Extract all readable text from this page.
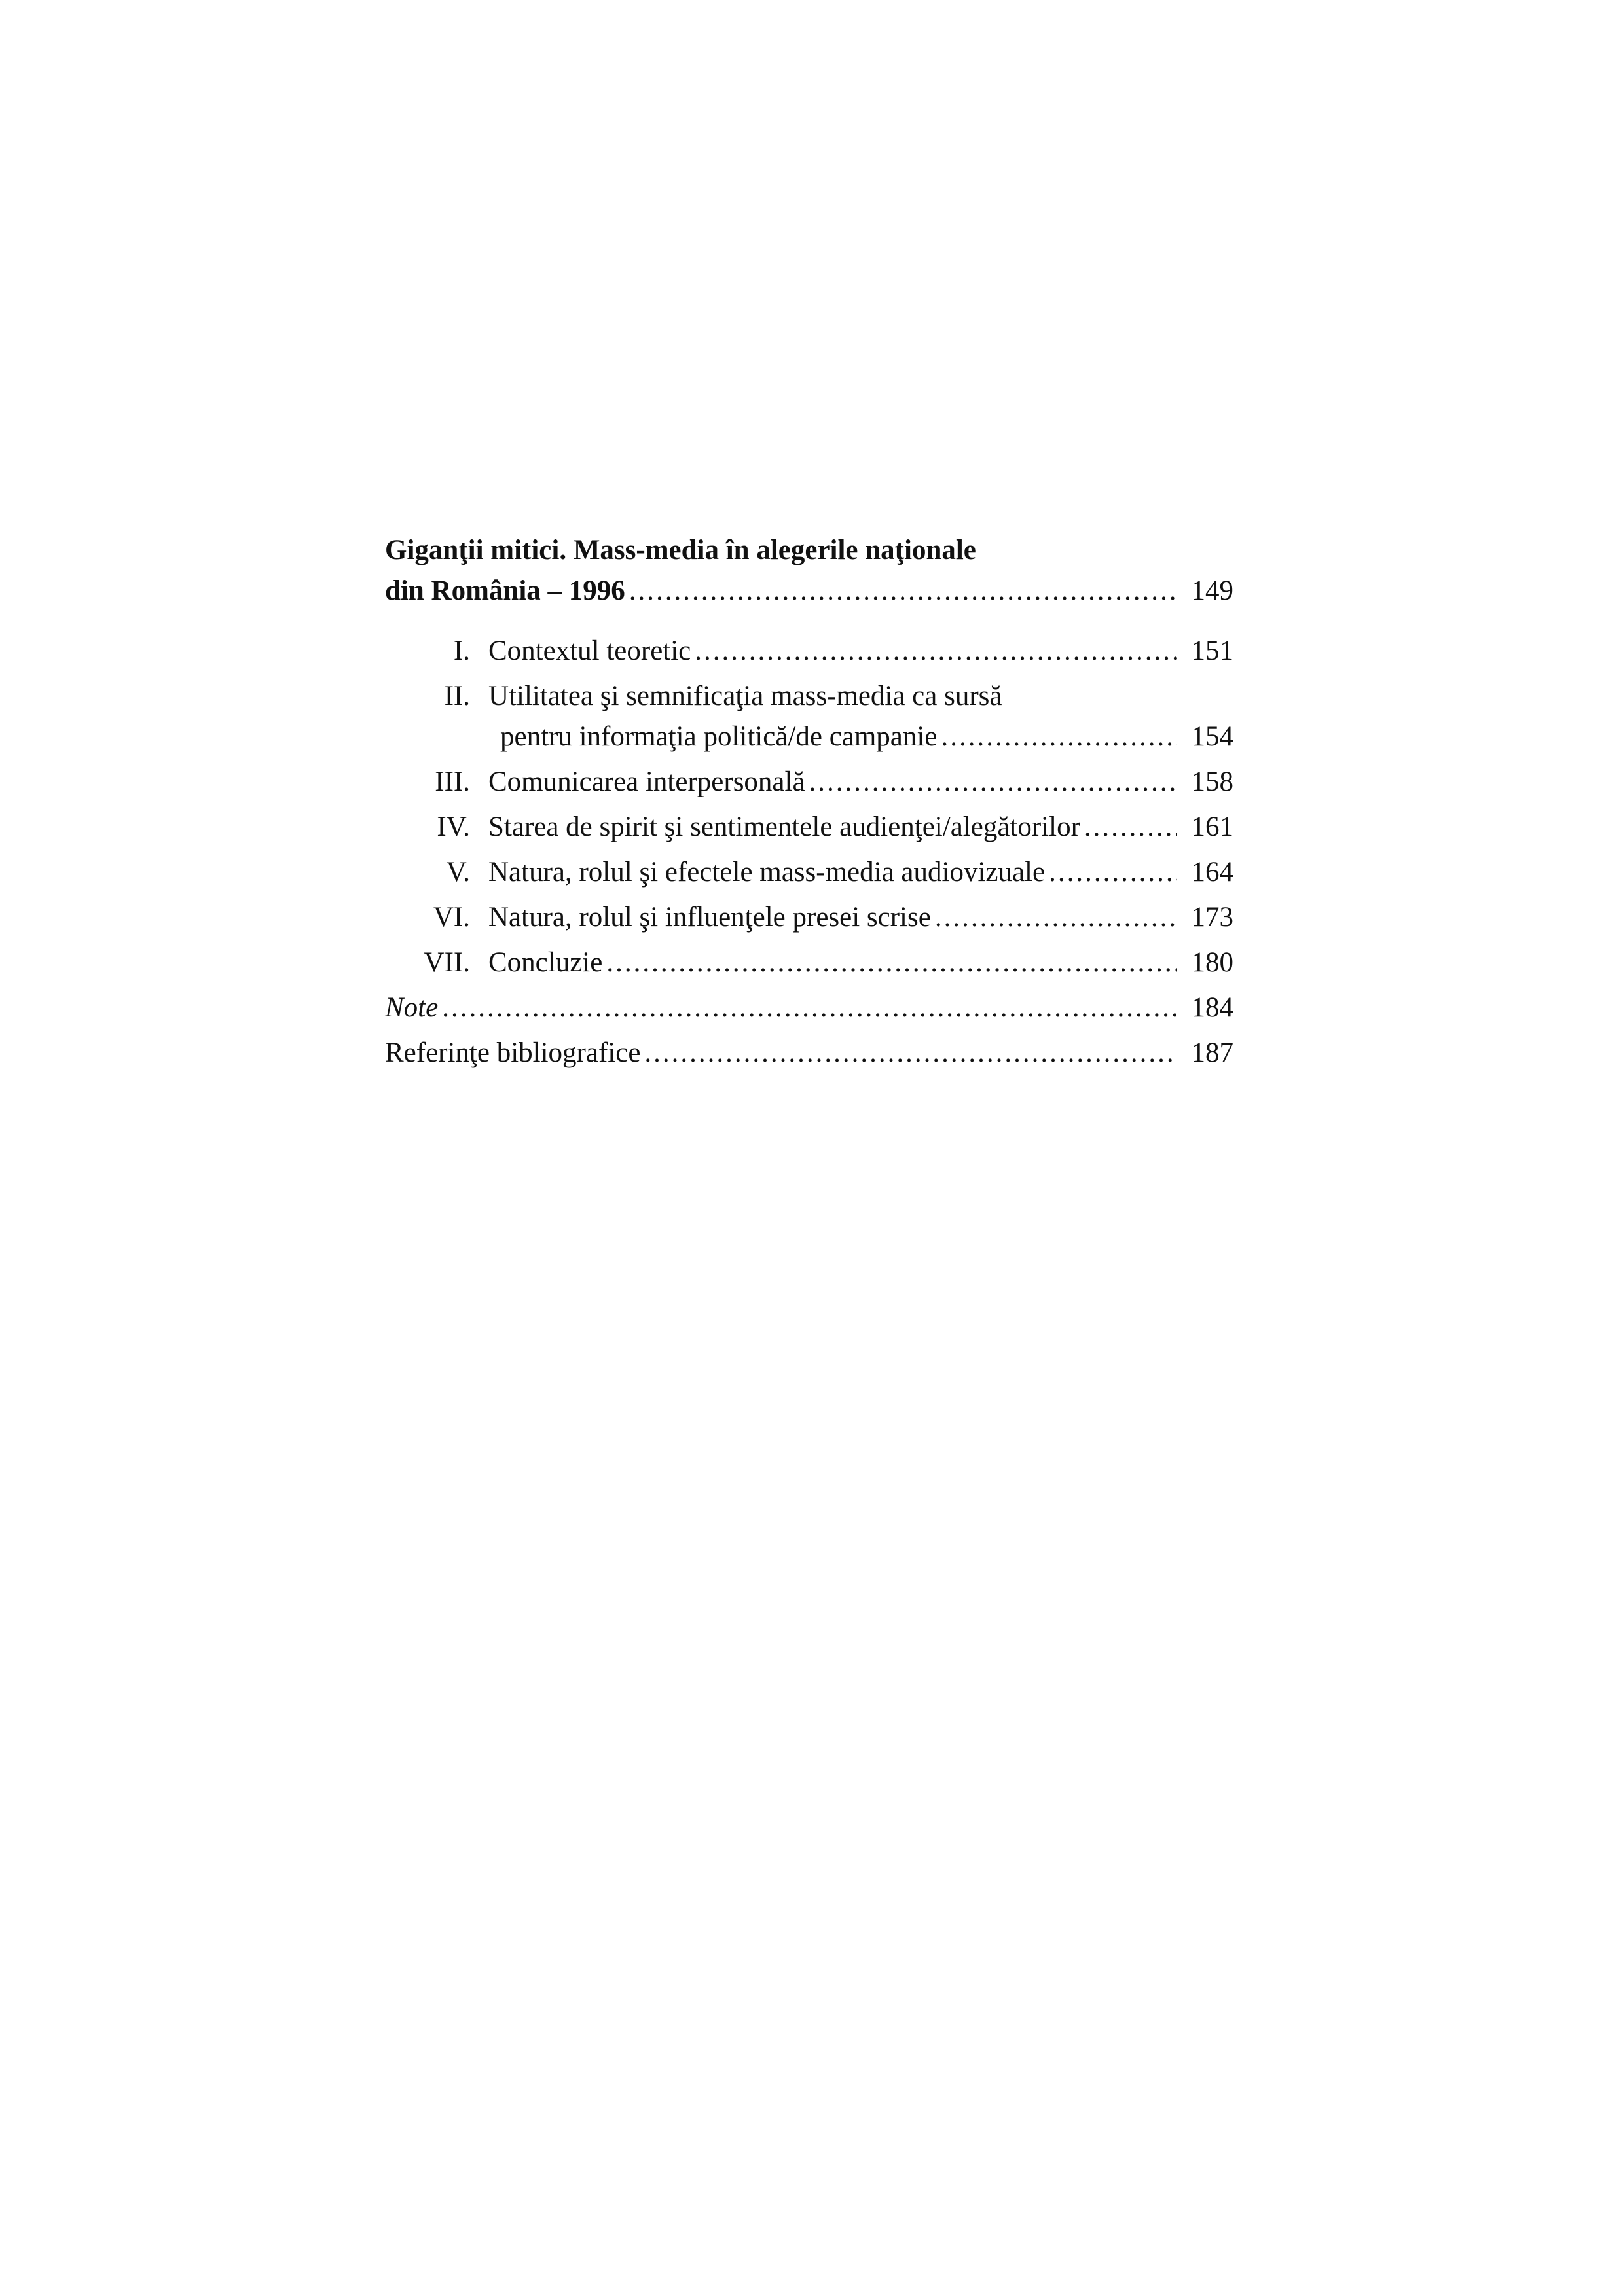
Giganţii mitici. Mass-media în alegerile naţionale
din România – 1996 .....	149
I. Contextul teoretic .....	151
II. Utilitatea şi semnificaţia mass-media ca sursă
pentru informaţia politică/de campanie .....	154
III. Comunicarea interpersonală .....	158
IV. Starea de spirit şi sentimentele audienţei/alegătorilor .....	161
V. Natura, rolul şi efectele mass-media audiovizuale .....	164
VI. Natura, rolul şi influenţele presei scrise .....	173
VII. Concluzie .....	180
Note .....	184
Referinţe bibliografice .....	187
